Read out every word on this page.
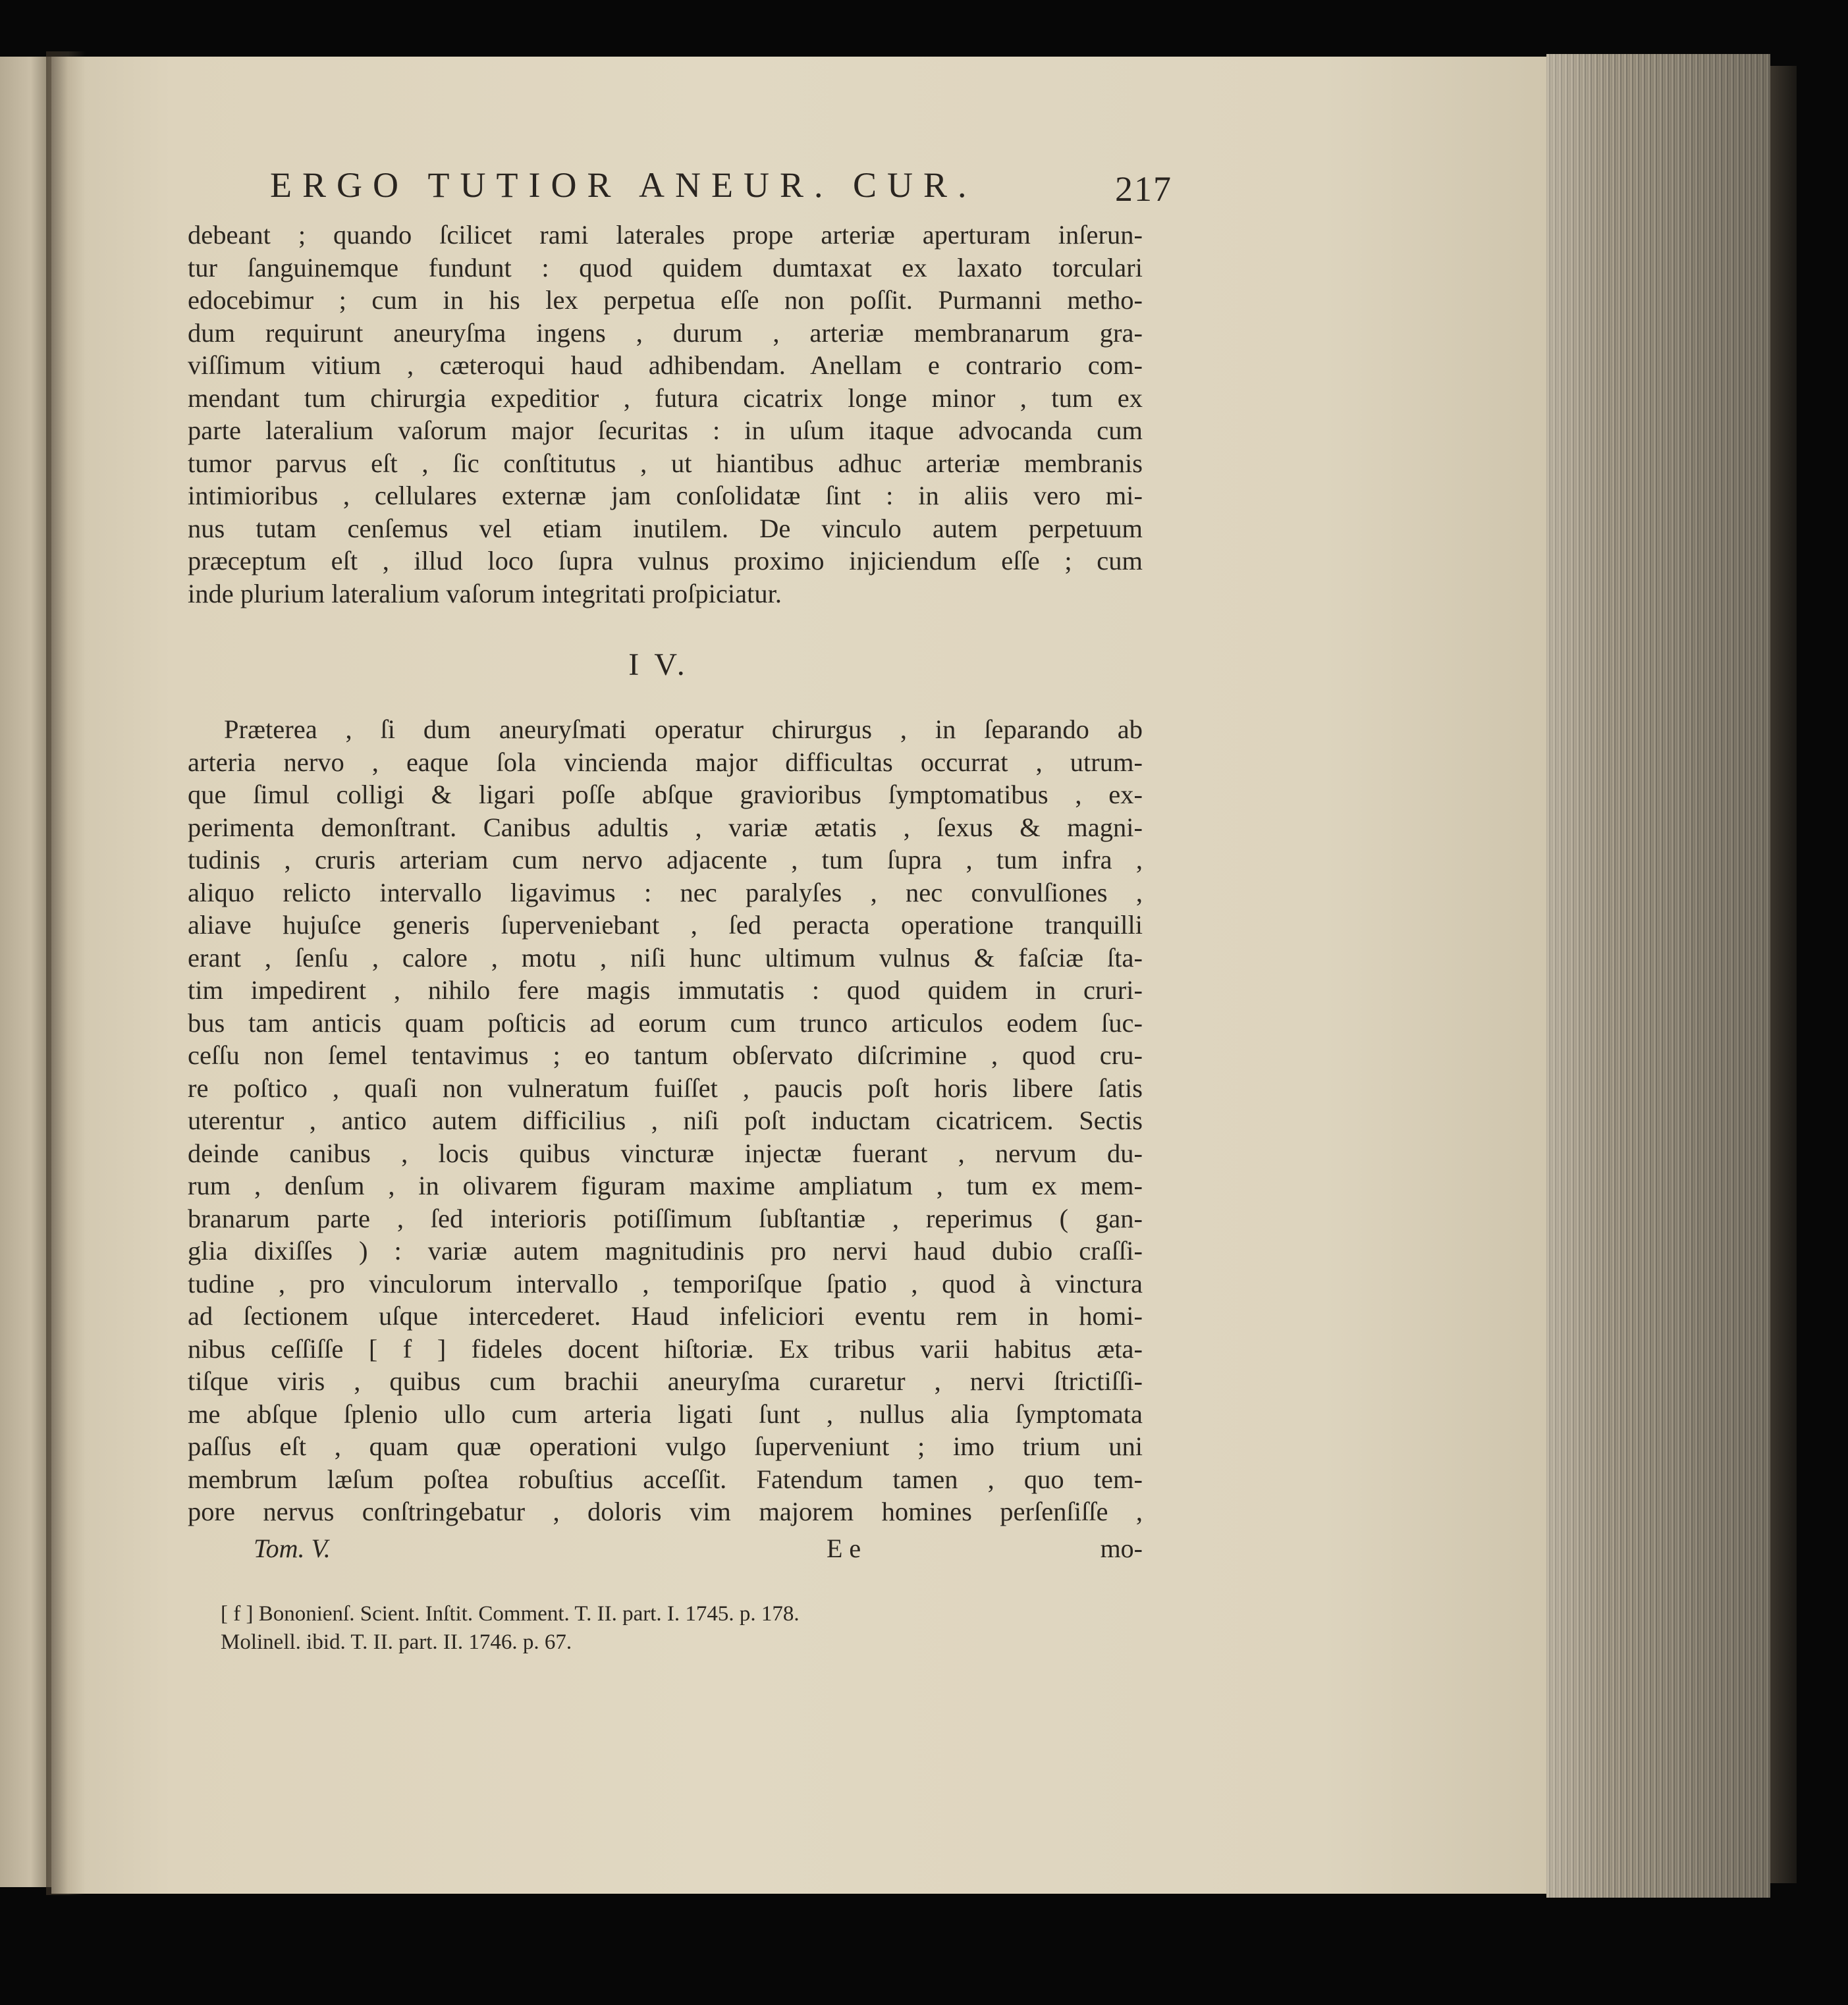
ERGO TUTIOR ANEUR. CUR.	217
debeant ; quando ſcilicet rami laterales prope arteriæ aperturam inſerun-
tur ſanguinemque fundunt : quod quidem dumtaxat ex laxato torculari
edocebimur ; cum in his lex perpetua eſſe non poſſit. Purmanni metho-
dum requirunt aneuryſma ingens , durum , arteriæ membranarum gra-
viſſimum vitium , cæteroqui haud adhibendam. Anellam e contrario com-
mendant tum chirurgia expeditior , futura cicatrix longe minor , tum ex
parte lateralium vaſorum major ſecuritas : in uſum itaque advocanda cum
tumor parvus eſt , ſic conſtitutus , ut hiantibus adhuc arteriæ membranis
intimioribus , cellulares externæ jam conſolidatæ ſint : in aliis vero mi-
nus tutam cenſemus vel etiam inutilem. De vinculo autem perpetuum
præceptum eſt , illud loco ſupra vulnus proximo injiciendum eſſe ; cum
inde plurium lateralium vaſorum integritati proſpiciatur.
I V.
Præterea , ſi dum aneuryſmati operatur chirurgus , in ſeparando ab
arteria nervo , eaque ſola vincienda major difficultas occurrat , utrum-
que ſimul colligi & ligari poſſe abſque gravioribus ſymptomatibus , ex-
perimenta demonſtrant. Canibus adultis , variæ ætatis , ſexus & magni-
tudinis , cruris arteriam cum nervo adjacente , tum ſupra , tum infra ,
aliquo relicto intervallo ligavimus : nec paralyſes , nec convulſiones ,
aliave hujuſce generis ſuperveniebant , ſed peracta operatione tranquilli
erant , ſenſu , calore , motu , niſi hunc ultimum vulnus & faſciæ ſta-
tim impedirent , nihilo fere magis immutatis : quod quidem in cruri-
bus tam anticis quam poſticis ad eorum cum trunco articulos eodem ſuc-
ceſſu non ſemel tentavimus ; eo tantum obſervato diſcrimine , quod cru-
re poſtico , quaſi non vulneratum fuiſſet , paucis poſt horis libere ſatis
uterentur , antico autem difficilius , niſi poſt inductam cicatricem. Sectis
deinde canibus , locis quibus vincturæ injectæ fuerant , nervum du-
rum , denſum , in olivarem figuram maxime ampliatum , tum ex mem-
branarum parte , ſed interioris potiſſimum ſubſtantiæ , reperimus ( gan-
glia dixiſſes ) : variæ autem magnitudinis pro nervi haud dubio craſſi-
tudine , pro vinculorum intervallo , temporiſque ſpatio , quod à vinctura
ad ſectionem uſque intercederet. Haud infeliciori eventu rem in homi-
nibus ceſſiſſe [ f ] fideles docent hiſtoriæ. Ex tribus varii habitus æta-
tiſque viris , quibus cum brachii aneuryſma curaretur , nervi ſtrictiſſi-
me abſque ſplenio ullo cum arteria ligati ſunt , nullus alia ſymptomata
paſſus eſt , quam quæ operationi vulgo ſuperveniunt ; imo trium uni
membrum læſum poſtea robuſtius acceſſit. Fatendum tamen , quo tem-
pore nervus conſtringebatur , doloris vim majorem homines perſenſiſſe ,
Tom. V.	E e	mo-
[ f ] Bononienſ. Scient. Inſtit. Comment. T. II. part. I. 1745. p. 178.
Molinell. ibid. T. II. part. II. 1746. p. 67.
